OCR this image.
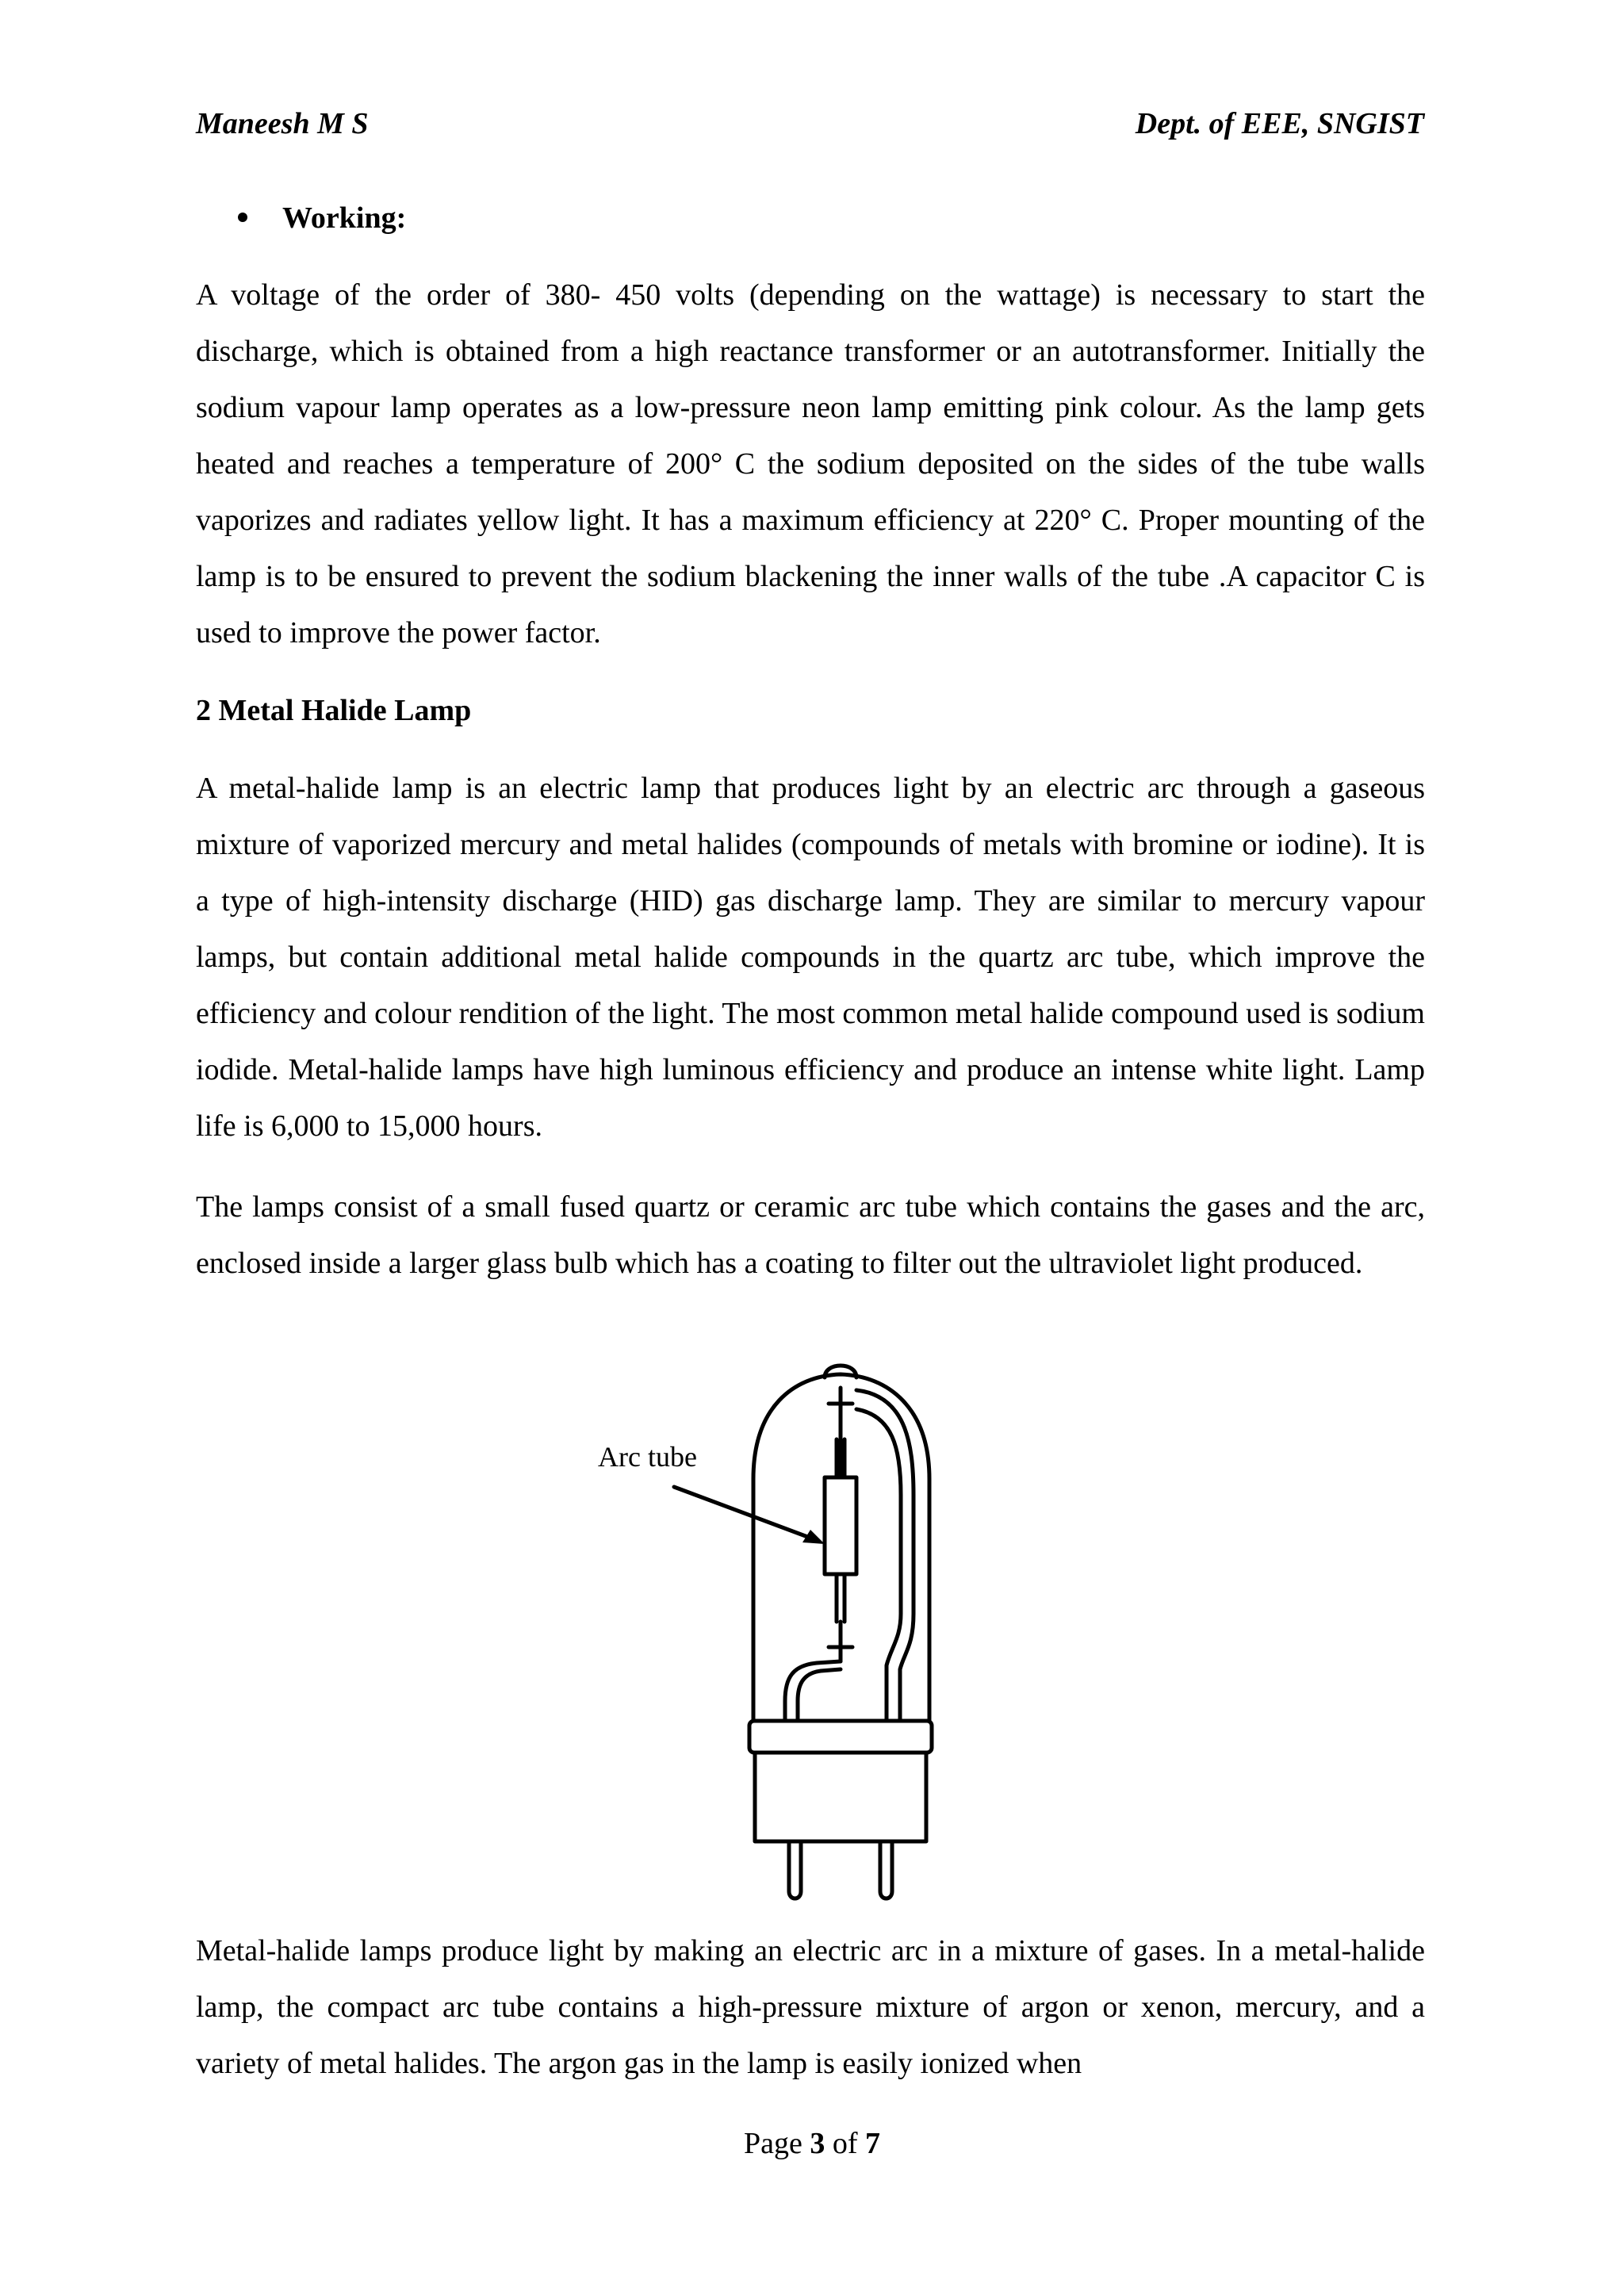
Maneesh M S	Dept. of EEE, SNGIST
Working:

A voltage of the order of 380- 450 volts (depending on the wattage) is necessary to start the discharge, which is obtained from a high reactance transformer or an autotransformer. Initially the sodium vapour lamp operates as a low-pressure neon lamp emitting pink colour. As the lamp gets heated and reaches a temperature of 200° C the sodium deposited on the sides of the tube walls vaporizes and radiates yellow light. It has a maximum efficiency at 220° C. Proper mounting of the lamp is to be ensured to prevent the sodium blackening the inner walls of the tube .A capacitor C is used to improve the power factor.

2 Metal Halide Lamp

A metal-halide lamp is an electric lamp that produces light by an electric arc through a gaseous mixture of vaporized mercury and metal halides (compounds of metals with bromine or iodine). It is a type of high-intensity discharge (HID) gas discharge lamp. They are similar to mercury vapour lamps, but contain additional metal halide compounds in the quartz arc tube, which improve the efficiency and colour rendition of the light. The most common metal halide compound used is sodium iodide. Metal-halide lamps have high luminous efficiency and produce an intense white light. Lamp life is 6,000 to 15,000 hours.

The lamps consist of a small fused quartz or ceramic arc tube which contains the gases and the arc, enclosed inside a larger glass bulb which has a coating to filter out the ultraviolet light produced.

Arc tube

Metal-halide lamps produce light by making an electric arc in a mixture of gases. In a metal-halide lamp, the compact arc tube contains a high-pressure mixture of argon or xenon, mercury, and a variety of metal halides. The argon gas in the lamp is easily ionized when

Page 3 of 7
